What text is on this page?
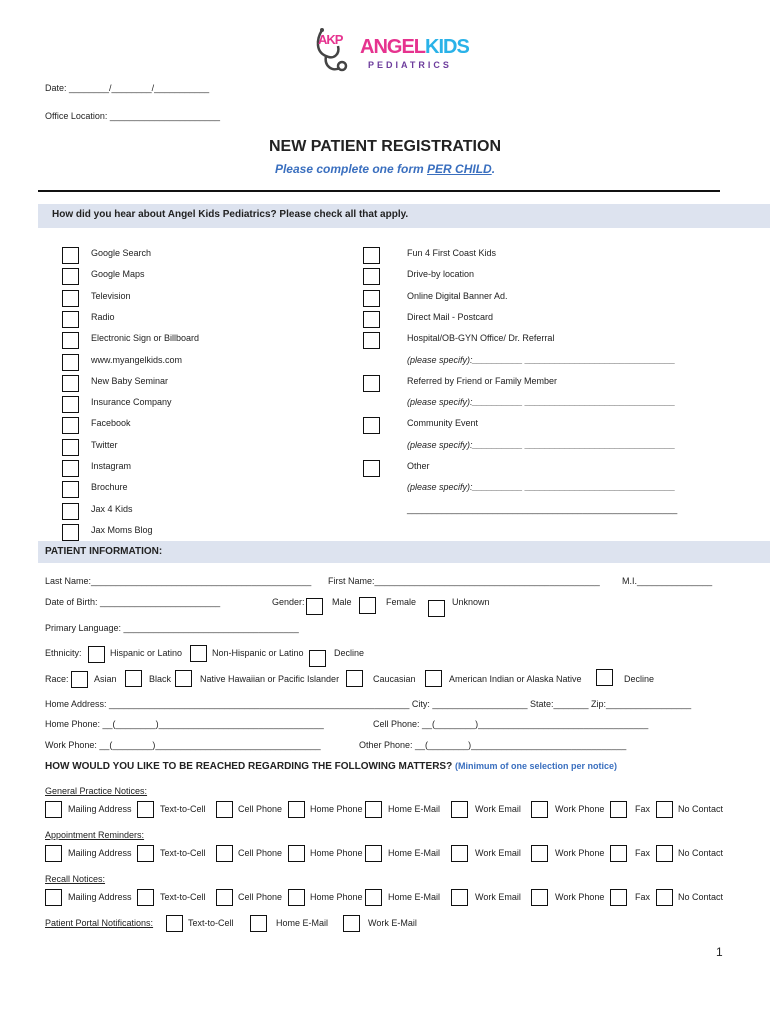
AKP ANGELKIDS
PEDIATRICS
Date: ________/________/___________
Office Location: ______________________
NEW PATIENT REGISTRATION
Please complete one form PER CHILD.
How did you hear about Angel Kids Pediatrics? Please check all that apply.
Google Search
Google Maps
Television
Radio
Electronic Sign or Billboard
www.myangelkids.com
New Baby Seminar
Insurance Company
Facebook
Twitter
Instagram
Brochure
Jax 4 Kids
Jax Moms Blog
Fun 4 First Coast Kids
Drive-by location
Online Digital Banner Ad.
Direct Mail - Postcard
Hospital/OB-GYN Office/ Dr. Referral
(please specify):__________ ______________________________
Referred by Friend or Family Member
(please specify):__________ ______________________________
Community Event
(please specify):__________ ______________________________
Other
(please specify):__________ ______________________________
______________________________________________________
PATIENT INFORMATION:
Last Name:____________________________________________ First Name:_____________________________________________ M.I._______________
Date of Birth: ________________________	Gender:	Male	Female	Unknown
Primary Language: ___________________________________
Ethnicity:	Hispanic or Latino	Non-Hispanic or Latino	Decline
Race:	Asian	Black	Native Hawaiian or Pacific Islander	Caucasian	American Indian or Alaska Native	Decline
Home Address: ____________________________________________________________ City: ___________________ State:_______ Zip:_________________
Home Phone: __(________)_________________________________	Cell Phone: __(________)__________________________________
Work Phone: __(________)_________________________________	Other Phone: __(________)_______________________________
HOW WOULD YOU LIKE TO BE REACHED REGARDING THE FOLLOWING MATTERS? (Minimum of one selection per notice)
General Practice Notices:
Mailing Address	Text-to-Cell	Cell Phone	Home Phone	Home E-Mail	Work Email	Work Phone	Fax	No Contact
Appointment Reminders:
Mailing Address	Text-to-Cell	Cell Phone	Home Phone	Home E-Mail	Work Email	Work Phone	Fax	No Contact
Recall Notices:
Mailing Address	Text-to-Cell	Cell Phone	Home Phone	Home E-Mail	Work Email	Work Phone	Fax	No Contact
Patient Portal Notifications:	Text-to-Cell	Home E-Mail	Work E-Mail
1
